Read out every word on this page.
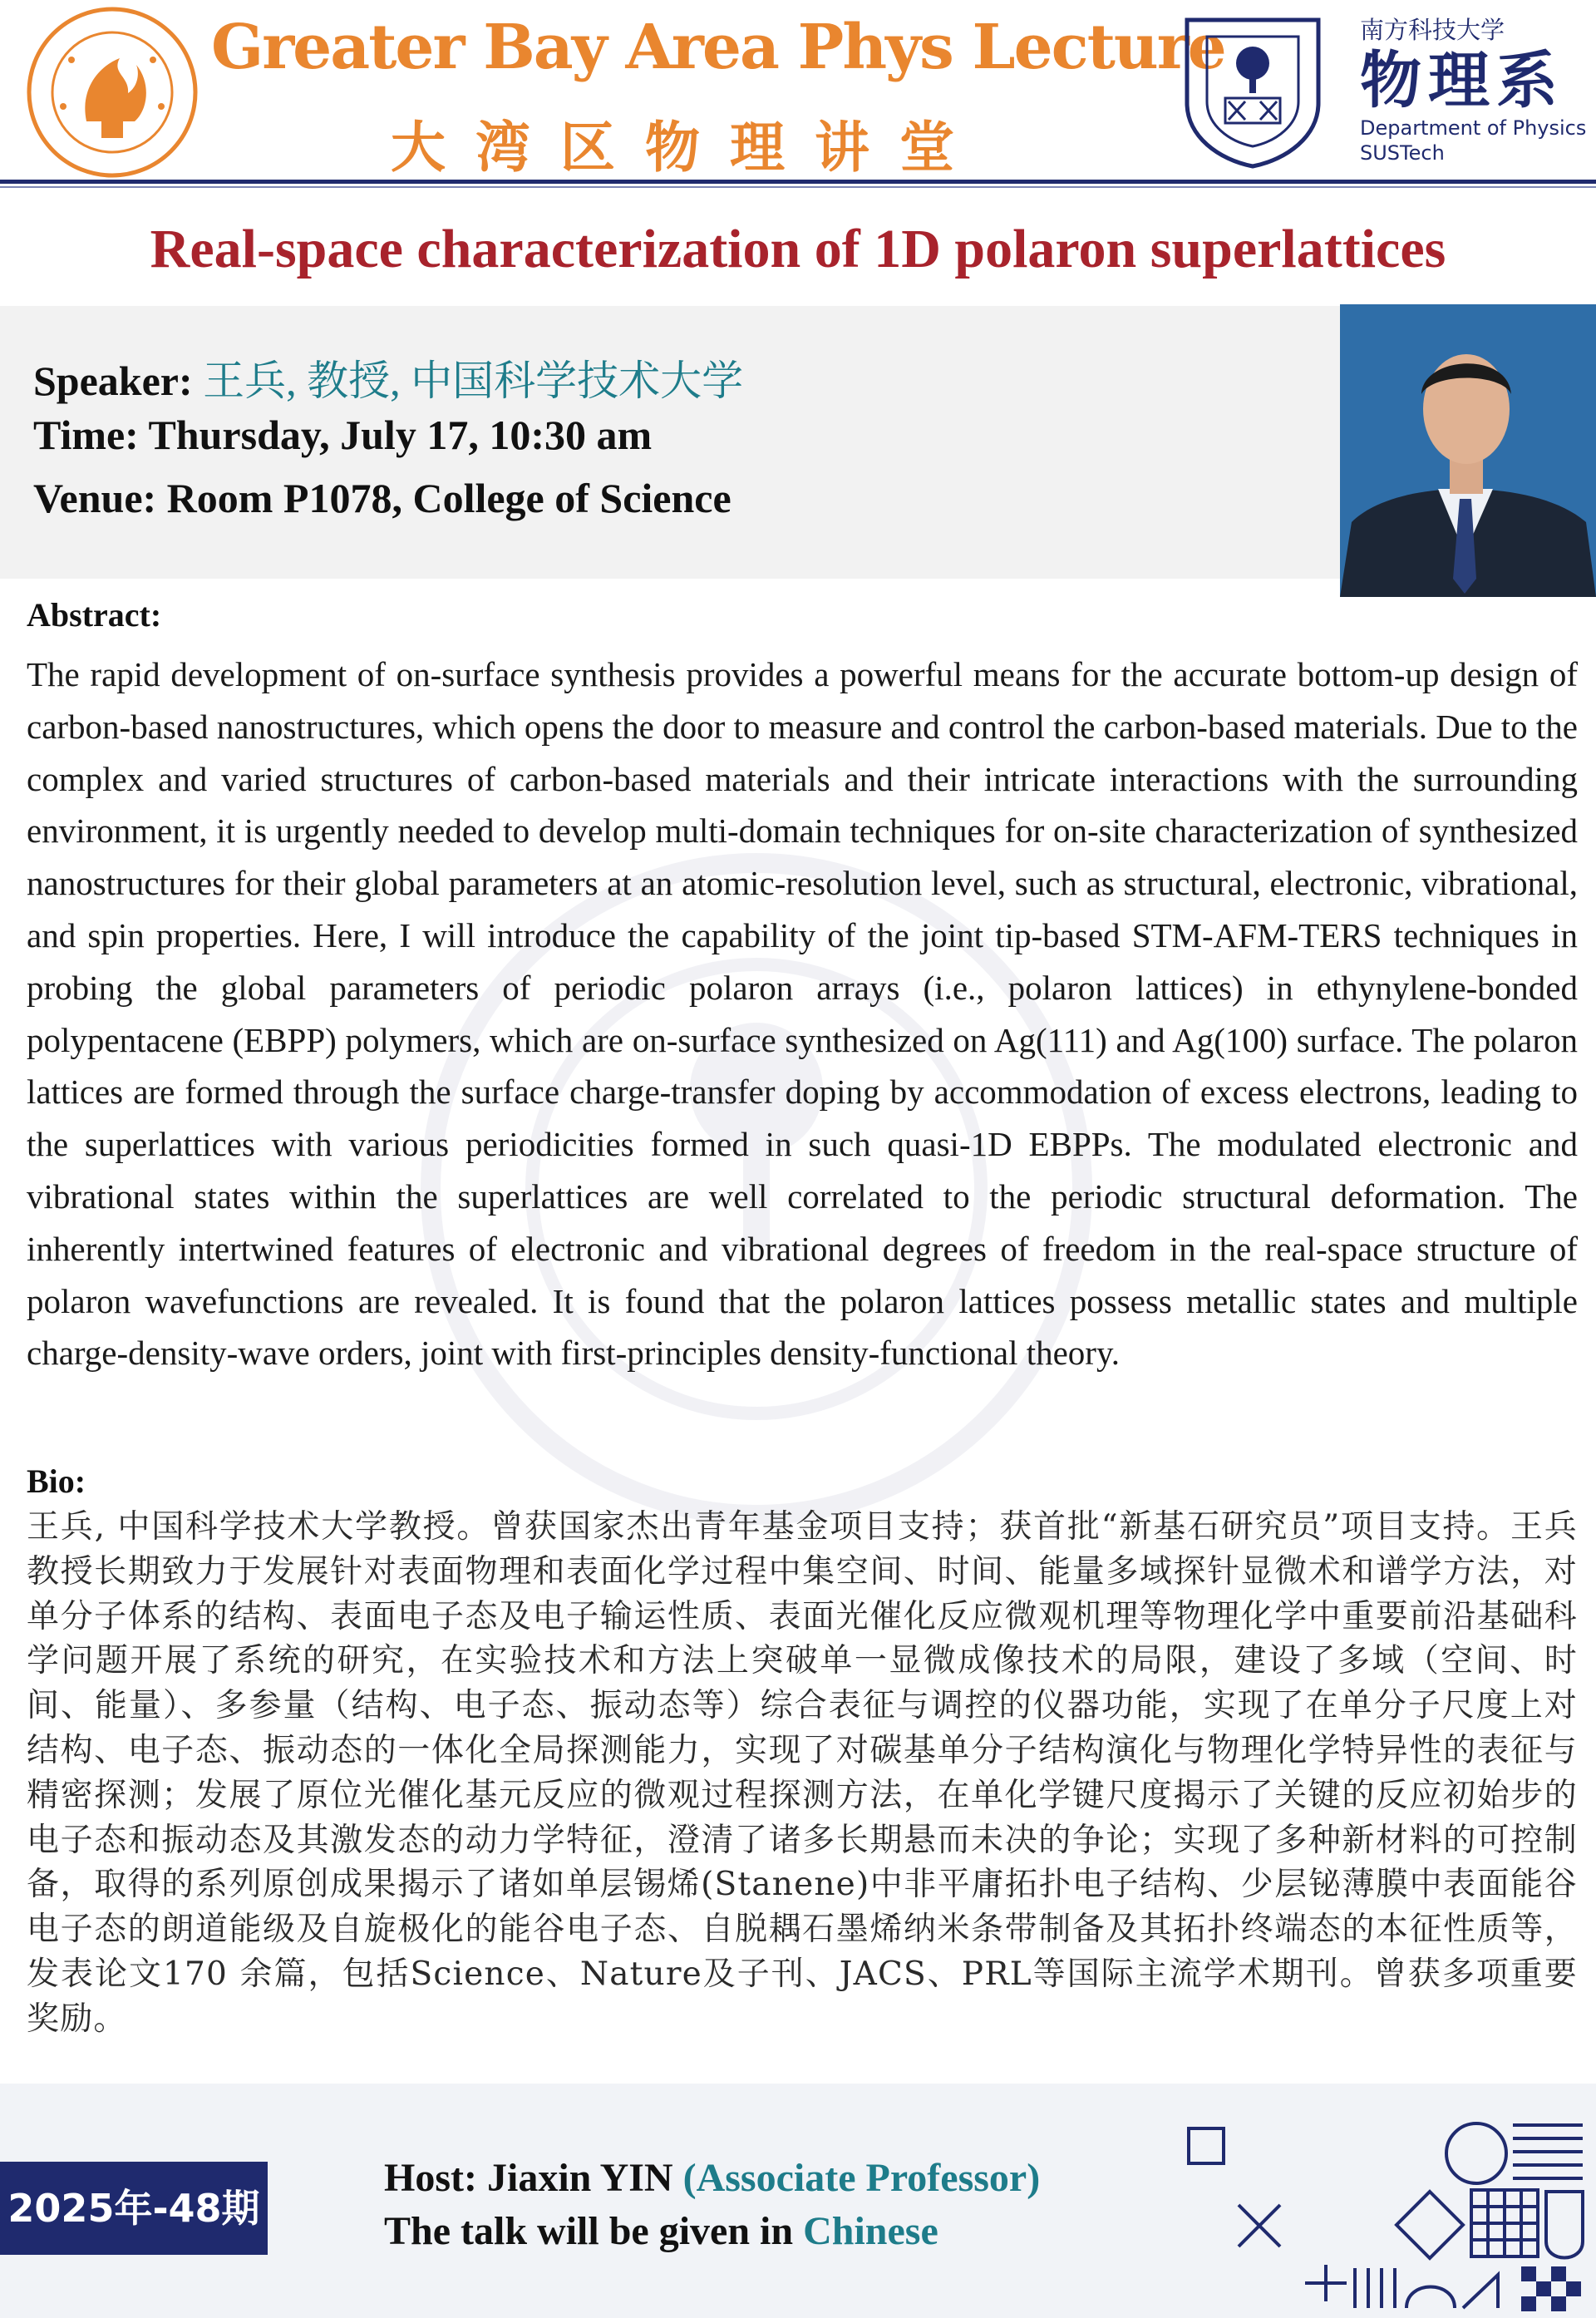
Greater Bay Area Phys Lecture
大湾区物理讲堂
南方科技大学
物理系
Department of Physics
SUSTech
Real-space characterization of 1D polaron superlattices
Speaker: 王兵, 教授, 中国科学技术大学
Time: Thursday, July 17, 10:30 am
Venue: Room P1078, College of Science
Abstract:
The rapid development of on-surface synthesis provides a powerful means for the accurate bottom-up design of carbon-based nanostructures, which opens the door to measure and control the carbon-based materials. Due to the complex and varied structures of carbon-based materials and their intricate interactions with the surrounding environment, it is urgently needed to develop multi-domain techniques for on-site characterization of synthesized nanostructures for their global parameters at an atomic-resolution level, such as structural, electronic, vibrational, and spin properties. Here, I will introduce the capability of the joint tip-based STM-AFM-TERS techniques in probing the global parameters of periodic polaron arrays (i.e., polaron lattices) in ethynylene-bonded polypentacene (EBPP) polymers, which are on-surface synthesized on Ag(111) and Ag(100) surface. The polaron lattices are formed through the surface charge-transfer doping by accommodation of excess electrons, leading to the superlattices with various periodicities formed in such quasi-1D EBPPs. The modulated electronic and vibrational states within the superlattices are well correlated to the periodic structural deformation. The inherently intertwined features of electronic and vibrational degrees of freedom in the real-space structure of polaron wavefunctions are revealed. It is found that the polaron lattices possess metallic states and multiple charge-density-wave orders, joint with first-principles density-functional theory.
Bio:
王兵, 中国科学技术大学教授。曾获国家杰出青年基金项目支持；获首批“新基石研究员”项目支持。王兵教授长期致力于发展针对表面物理和表面化学过程中集空间、时间、能量多域探针显微术和谱学方法，对单分子体系的结构、表面电子态及电子输运性质、表面光催化反应微观机理等物理化学中重要前沿基础科学问题开展了系统的研究，在实验技术和方法上突破单一显微成像技术的局限，建设了多域（空间、时间、能量）、多参量（结构、电子态、振动态等）综合表征与调控的仪器功能，实现了在单分子尺度上对结构、电子态、振动态的一体化全局探测能力，实现了对碳基单分子结构演化与物理化学特异性的表征与精密探测；发展了原位光催化基元反应的微观过程探测方法，在单化学键尺度揭示了关键的反应初始步的电子态和振动态及其激发态的动力学特征，澄清了诸多长期悬而未决的争论；实现了多种新材料的可控制备，取得的系列原创成果揭示了诸如单层锡烯(Stanene)中非平庸拓扑电子结构、少层铋薄膜中表面能谷电子态的朗道能级及自旋极化的能谷电子态、自脱耦石墨烯纳米条带制备及其拓扑终端态的本征性质等，发表论文170 余篇，包括Science、Nature及子刊、JACS、PRL等国际主流学术期刊。曾获多项重要奖励。
2025年-48期
Host: Jiaxin YIN (Associate Professor)
The talk will be given in Chinese
